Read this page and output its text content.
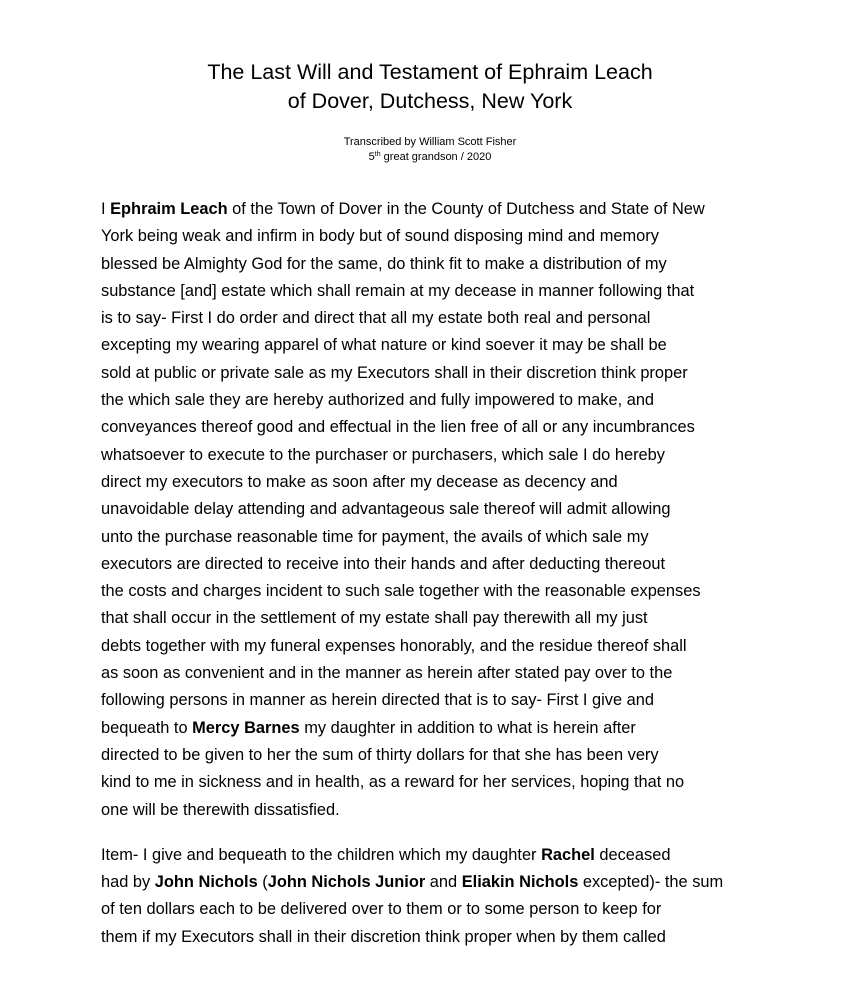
The Last Will and Testament of Ephraim Leach
of Dover, Dutchess, New York
Transcribed by William Scott Fisher
5th great grandson / 2020
I Ephraim Leach of the Town of Dover in the County of Dutchess and State of New
York being weak and infirm in body but of sound disposing mind and memory
blessed be Almighty God for the same, do think fit to make a distribution of my
substance [and] estate which shall remain at my decease in manner following that
is to say- First I do order and direct that all my estate both real and personal
excepting my wearing apparel of what nature or kind soever it may be shall be
sold at public or private sale as my Executors shall in their discretion think proper
the which sale they are hereby authorized and fully impowered to make, and
conveyances thereof good and effectual in the lien free of all or any incumbrances
whatsoever to execute to the purchaser or purchasers, which sale I do hereby
direct my executors to make as soon after my decease as decency and
unavoidable delay attending and advantageous sale thereof will admit allowing
unto the purchase reasonable time for payment, the avails of which sale my
executors are directed to receive into their hands and after deducting thereout
the costs and charges incident to such sale together with the reasonable expenses
that shall occur in the settlement of my estate shall pay therewith all my just
debts together with my funeral expenses honorably, and the residue thereof shall
as soon as convenient and in the manner as herein after stated pay over to the
following persons in manner as herein directed that is to say- First I give and
bequeath to Mercy Barnes my daughter in addition to what is herein after
directed to be given to her the sum of thirty dollars for that she has been very
kind to me in sickness and in health, as a reward for her services, hoping that no
one will be therewith dissatisfied.
Item- I give and bequeath to the children which my daughter Rachel deceased
had by John Nichols (John Nichols Junior and Eliakin Nichols excepted)- the sum
of ten dollars each to be delivered over to them or to some person to keep for
them if my Executors shall in their discretion think proper when by them called
